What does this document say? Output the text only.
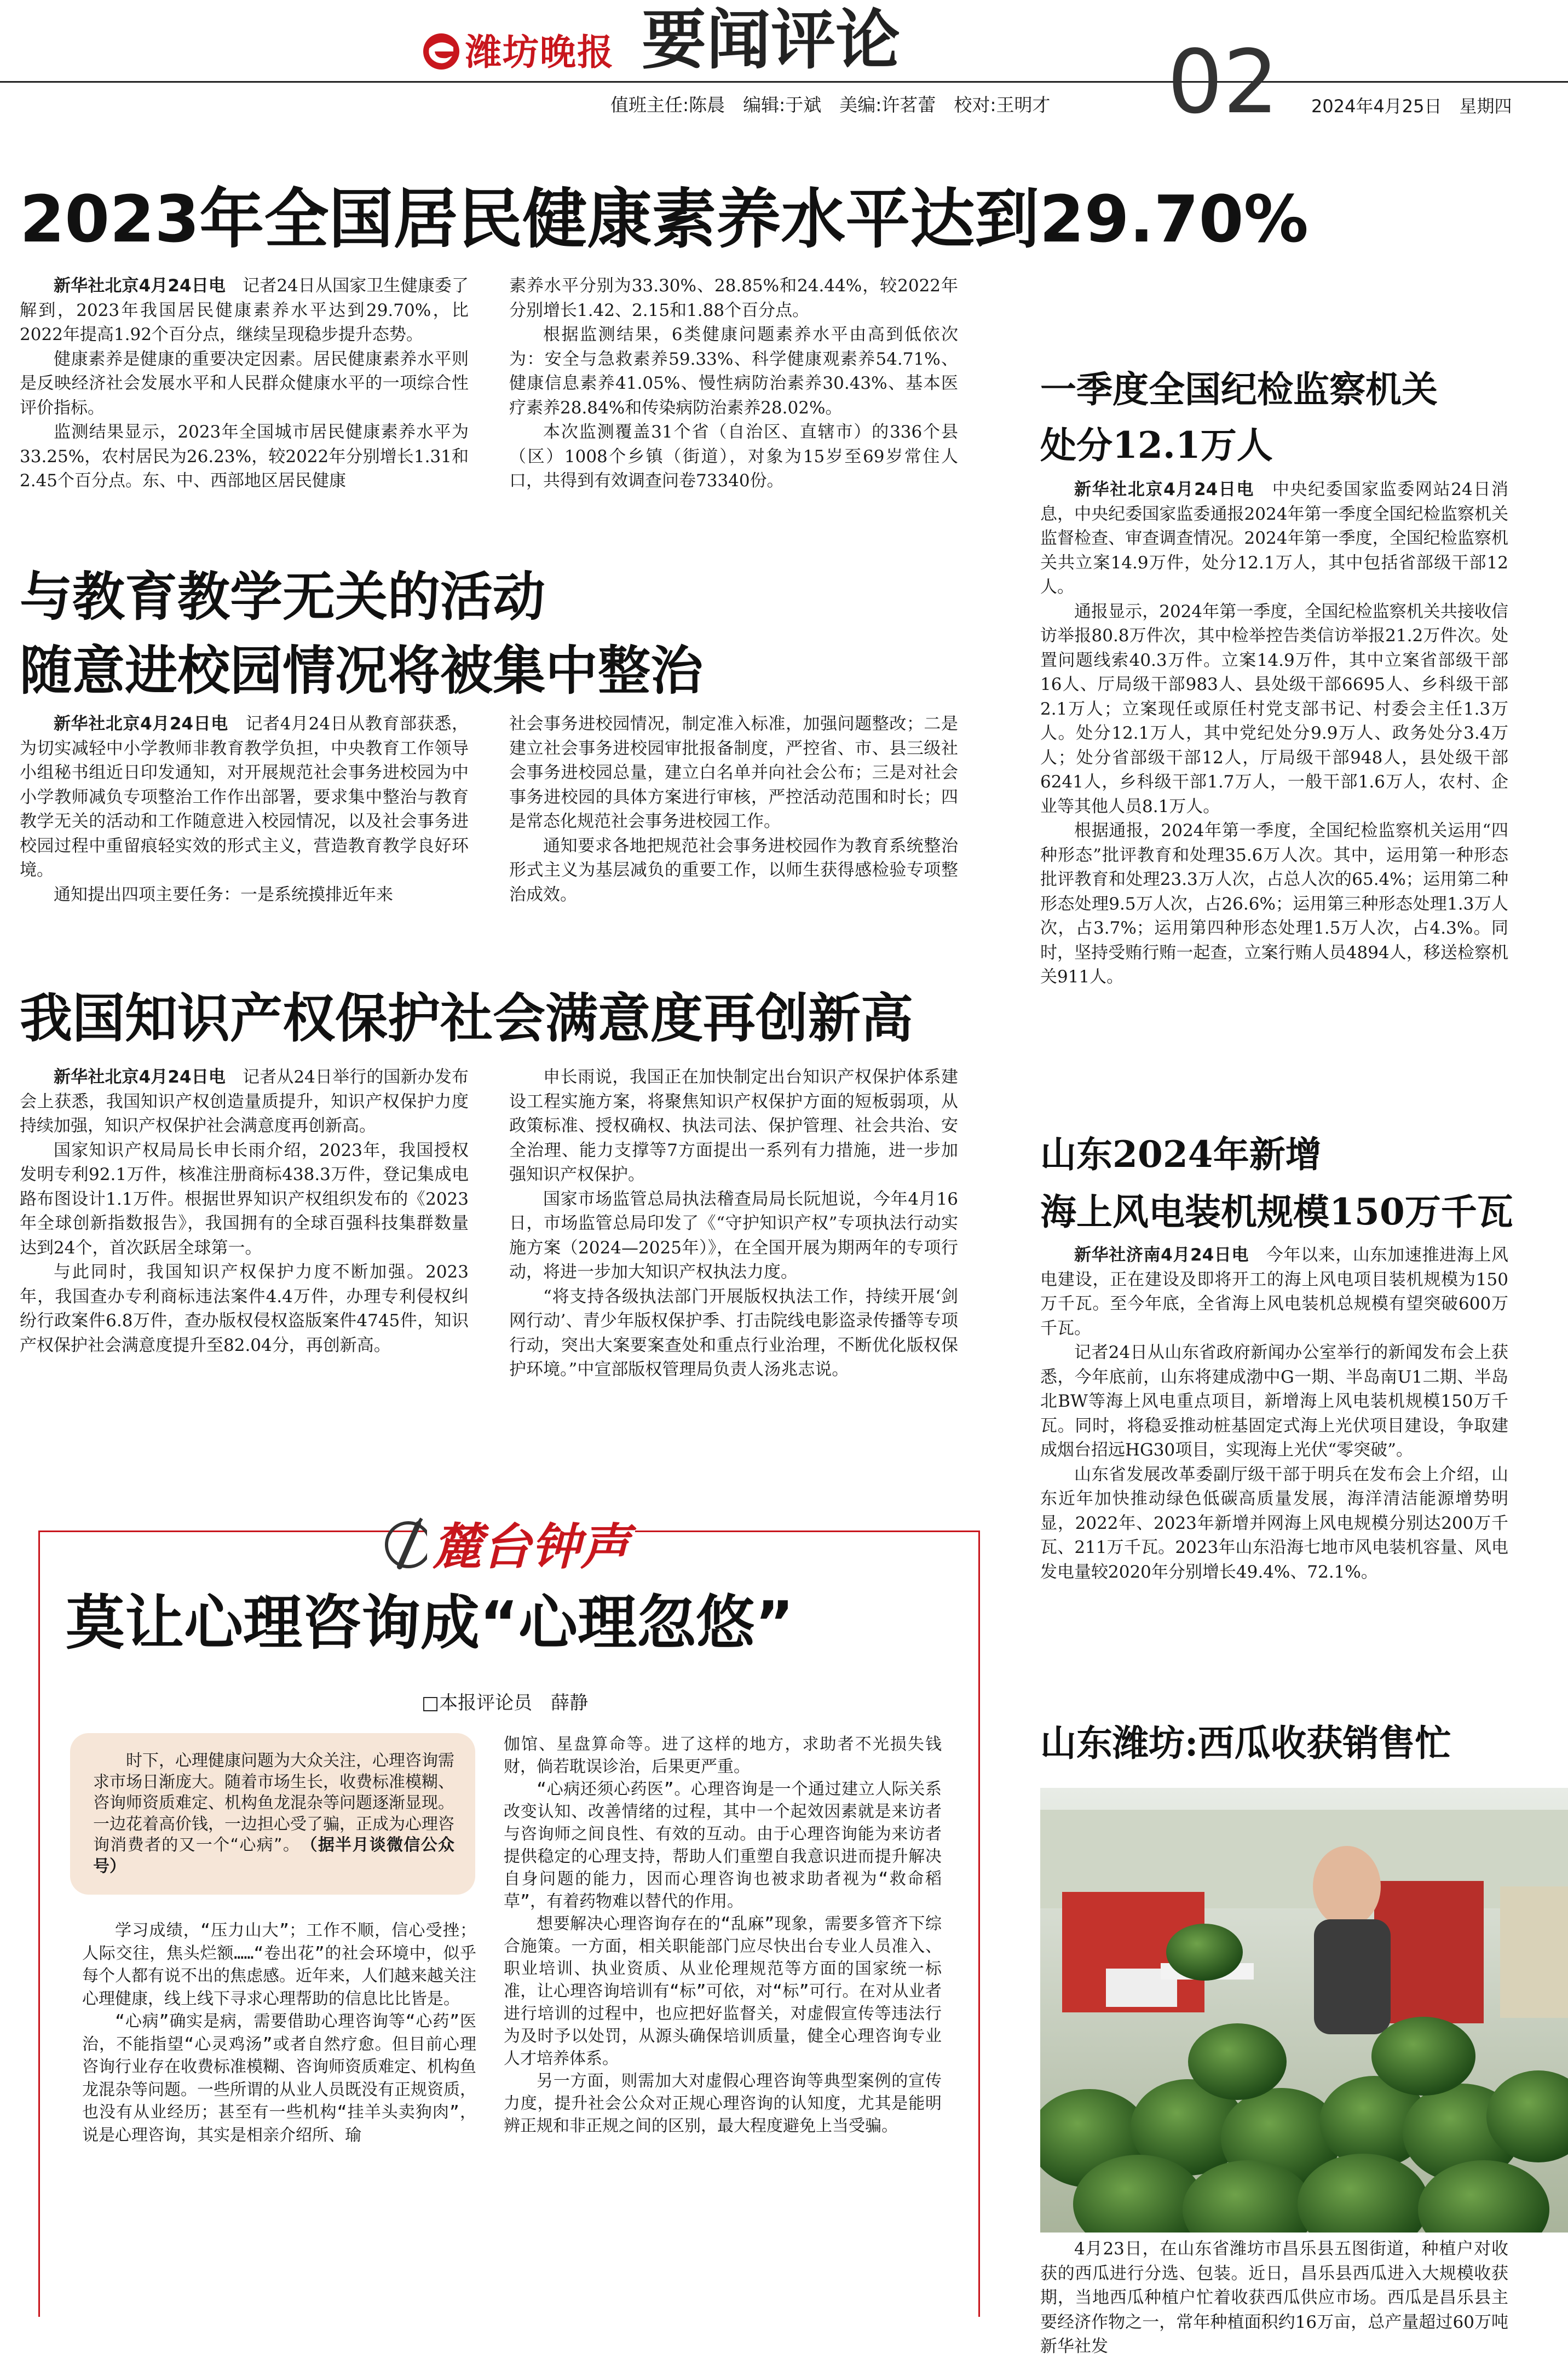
潍坊晚报 要闻评论
值班主任:陈晨　编辑:于斌　美编:许茗蕾　校对:王明才 02 2024年4月25日　星期四
2023年全国居民健康素养水平达到29.70%

新华社北京4月24日电　 记者24日从国家卫生健康委了解到，2023年我国居民健康素养水平达到29.70%，比2022年提高1.92个百分点，继续呈现稳步提升态势。

健康素养是健康的重要决定因素。居民健康素养水平则是反映经济社会发展水平和人民群众健康水平的一项综合性评价指标。

监测结果显示，2023年全国城市居民健康素养水平为33.25%，农村居民为26.23%，较2022年分别增长1.31和2.45个百分点。东、中、西部地区居民健康

素养水平分别为33.30%、28.85%和24.44%，较2022年分别增长1.42、2.15和1.88个百分点。

根据监测结果，6类健康问题素养水平由高到低依次为：安全与急救素养59.33%、科学健康观素养54.71%、健康信息素养41.05%、慢性病防治素养30.43%、基本医疗素养28.84%和传染病防治素养28.02%。

本次监测覆盖31个省（自治区、直辖市）的336个县（区）1008个乡镇（街道），对象为15岁至69岁常住人口，共得到有效调查问卷73340份。

与教育教学无关的活动
随意进校园情况将被集中整治

新华社北京4月24日电　 记者4月24日从教育部获悉，为切实减轻中小学教师非教育教学负担，中央教育工作领导小组秘书组近日印发通知，对开展规范社会事务进校园为中小学教师减负专项整治工作作出部署，要求集中整治与教育教学无关的活动和工作随意进入校园情况，以及社会事务进校园过程中重留痕轻实效的形式主义，营造教育教学良好环境。

通知提出四项主要任务：一是系统摸排近年来

社会事务进校园情况，制定准入标准，加强问题整改；二是建立社会事务进校园审批报备制度，严控省、市、县三级社会事务进校园总量，建立白名单并向社会公布；三是对社会事务进校园的具体方案进行审核，严控活动范围和时长；四是常态化规范社会事务进校园工作。

通知要求各地把规范社会事务进校园作为教育系统整治形式主义为基层减负的重要工作，以师生获得感检验专项整治成效。

我国知识产权保护社会满意度再创新高

新华社北京4月24日电　 记者从24日举行的国新办发布会上获悉，我国知识产权创造量质提升，知识产权保护力度持续加强，知识产权保护社会满意度再创新高。

国家知识产权局局长申长雨介绍，2023年，我国授权发明专利92.1万件，核准注册商标438.3万件，登记集成电路布图设计1.1万件。根据世界知识产权组织发布的《2023年全球创新指数报告》，我国拥有的全球百强科技集群数量达到24个，首次跃居全球第一。

与此同时，我国知识产权保护力度不断加强。2023年，我国查办专利商标违法案件4.4万件，办理专利侵权纠纷行政案件6.8万件，查办版权侵权盗版案件4745件，知识产权保护社会满意度提升至82.04分，再创新高。

申长雨说，我国正在加快制定出台知识产权保护体系建设工程实施方案，将聚焦知识产权保护方面的短板弱项，从政策标准、授权确权、执法司法、保护管理、社会共治、安全治理、能力支撑等7方面提出一系列有力措施，进一步加强知识产权保护。

国家市场监管总局执法稽查局局长阮旭说，今年4月16日，市场监管总局印发了《“守护知识产权”专项执法行动实施方案（2024—2025年）》，在全国开展为期两年的专项行动，将进一步加大知识产权执法力度。

“将支持各级执法部门开展版权执法工作，持续开展‘剑网行动’、青少年版权保护季、打击院线电影盗录传播等专项行动，突出大案要案查处和重点行业治理，不断优化版权保护环境。”中宣部版权管理局负责人汤兆志说。

麓台钟声
莫让心理咨询成“心理忽悠”
□本报评论员　薛静
时下，心理健康问题为大众关注，心理咨询需求市场日渐庞大。随着市场生长，收费标准模糊、咨询师资质难定、机构鱼龙混杂等问题逐渐显现。一边花着高价钱，一边担心受了骗，正成为心理咨询消费者的又一个“心病”。　 （据半月谈微信公众号）

学习成绩，“压力山大”；工作不顺，信心受挫；人际交往，焦头烂额……“卷出花”的社会环境中，似乎每个人都有说不出的焦虑感。近年来，人们越来越关注心理健康，线上线下寻求心理帮助的信息比比皆是。

“心病”确实是病，需要借助心理咨询等“心药”医治，不能指望“心灵鸡汤”或者自然疗愈。但目前心理咨询行业存在收费标准模糊、咨询师资质难定、机构鱼龙混杂等问题。一些所谓的从业人员既没有正规资质，也没有从业经历；甚至有一些机构“挂羊头卖狗肉”，说是心理咨询，其实是相亲介绍所、瑜

伽馆、星盘算命等。进了这样的地方，求助者不光损失钱财，倘若耽误诊治，后果更严重。

“心病还须心药医”。心理咨询是一个通过建立人际关系改变认知、改善情绪的过程，其中一个起效因素就是来访者与咨询师之间良性、有效的互动。由于心理咨询能为来访者提供稳定的心理支持，帮助人们重塑自我意识进而提升解决自身问题的能力，因而心理咨询也被求助者视为“救命稻草”，有着药物难以替代的作用。

想要解决心理咨询存在的“乱麻”现象，需要多管齐下综合施策。一方面，相关职能部门应尽快出台专业人员准入、职业培训、执业资质、从业伦理规范等方面的国家统一标准，让心理咨询培训有“标”可依，对“标”可行。在对从业者进行培训的过程中，也应把好监督关，对虚假宣传等违法行为及时予以处罚，从源头确保培训质量，健全心理咨询专业人才培养体系。

另一方面，则需加大对虚假心理咨询等典型案例的宣传力度，提升社会公众对正规心理咨询的认知度，尤其是能明辨正规和非正规之间的区别，最大程度避免上当受骗。

一季度全国纪检监察机关
处分12.1万人

新华社北京4月24日电　 中央纪委国家监委网站24日消息，中央纪委国家监委通报2024年第一季度全国纪检监察机关监督检查、审查调查情况。2024年第一季度，全国纪检监察机关共立案14.9万件，处分12.1万人，其中包括省部级干部12人。

通报显示，2024年第一季度，全国纪检监察机关共接收信访举报80.8万件次，其中检举控告类信访举报21.2万件次。处置问题线索40.3万件。立案14.9万件，其中立案省部级干部16人、厅局级干部983人、县处级干部6695人、乡科级干部2.1万人；立案现任或原任村党支部书记、村委会主任1.3万人。处分12.1万人，其中党纪处分9.9万人、政务处分3.4万人；处分省部级干部12人，厅局级干部948人，县处级干部6241人，乡科级干部1.7万人，一般干部1.6万人，农村、企业等其他人员8.1万人。

根据通报，2024年第一季度，全国纪检监察机关运用“四种形态”批评教育和处理35.6万人次。其中，运用第一种形态批评教育和处理23.3万人次，占总人次的65.4%；运用第二种形态处理9.5万人次，占26.6%；运用第三种形态处理1.3万人次，占3.7%；运用第四种形态处理1.5万人次，占4.3%。同时，坚持受贿行贿一起查，立案行贿人员4894人，移送检察机关911人。

山东2024年新增
海上风电装机规模150万千瓦

新华社济南4月24日电　 今年以来，山东加速推进海上风电建设，正在建设及即将开工的海上风电项目装机规模为150万千瓦。至今年底，全省海上风电装机总规模有望突破600万千瓦。

记者24日从山东省政府新闻办公室举行的新闻发布会上获悉，今年底前，山东将建成渤中G一期、半岛南U1二期、半岛北BW等海上风电重点项目，新增海上风电装机规模150万千瓦。同时，将稳妥推动桩基固定式海上光伏项目建设，争取建成烟台招远HG30项目，实现海上光伏“零突破”。

山东省发展改革委副厅级干部于明兵在发布会上介绍，山东近年加快推动绿色低碳高质量发展，海洋清洁能源增势明显，2022年、2023年新增并网海上风电规模分别达200万千瓦、211万千瓦。2023年山东沿海七地市风电装机容量、风电发电量较2020年分别增长49.4%、72.1%。

山东潍坊:西瓜收获销售忙

4月23日，在山东省潍坊市昌乐县五图街道，种植户对收获的西瓜进行分选、包装。近日，昌乐县西瓜进入大规模收获期，当地西瓜种植户忙着收获西瓜供应市场。西瓜是昌乐县主要经济作物之一，常年种植面积约16万亩，总产量超过60万吨　　新华社发
